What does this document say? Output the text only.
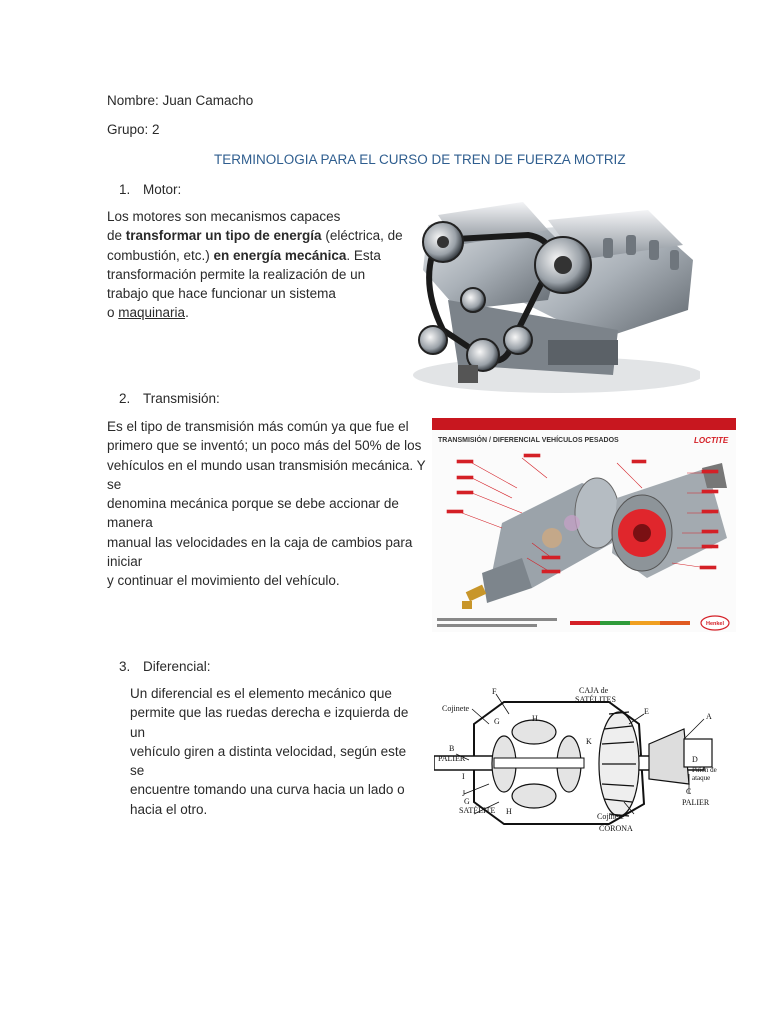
Nombre: Juan Camacho
Grupo: 2
TERMINOLOGIA PARA EL CURSO DE TREN DE FUERZA MOTRIZ
1. Motor:
Los motores son mecanismos capaces
de transformar un tipo de energía (eléctrica, de
combustión, etc.) en energía mecánica. Esta
transformación permite la realización de un
trabajo que hace funcionar un sistema
o maquinaria.
2. Transmisión:
Es el tipo de transmisión más común ya que fue el
primero que se inventó; un poco más del 50% de los
vehículos en el mundo usan transmisión mecánica. Y se
denomina mecánica porque se debe accionar de manera
manual las velocidades en la caja de cambios para iniciar
y continuar el movimiento del vehículo.
TRANSMISIÓN / DIFERENCIAL VEHÍCULOS PESADOS	LOCTITE
Henkel
3. Diferencial:
Un diferencial es el elemento mecánico que
permite que las ruedas derecha e izquierda de un
vehículo giren a distinta velocidad, según este se
encuentre tomando una curva hacia un lado o
hacia el otro.
Cojinete
F	CAJA de
SATÉLITES
G	H
E
A
B
PALIER
I
J
K
D
Piñon de
ataque
C
PALIER
G
SATÉLITE H
Cojinete
CORONA
